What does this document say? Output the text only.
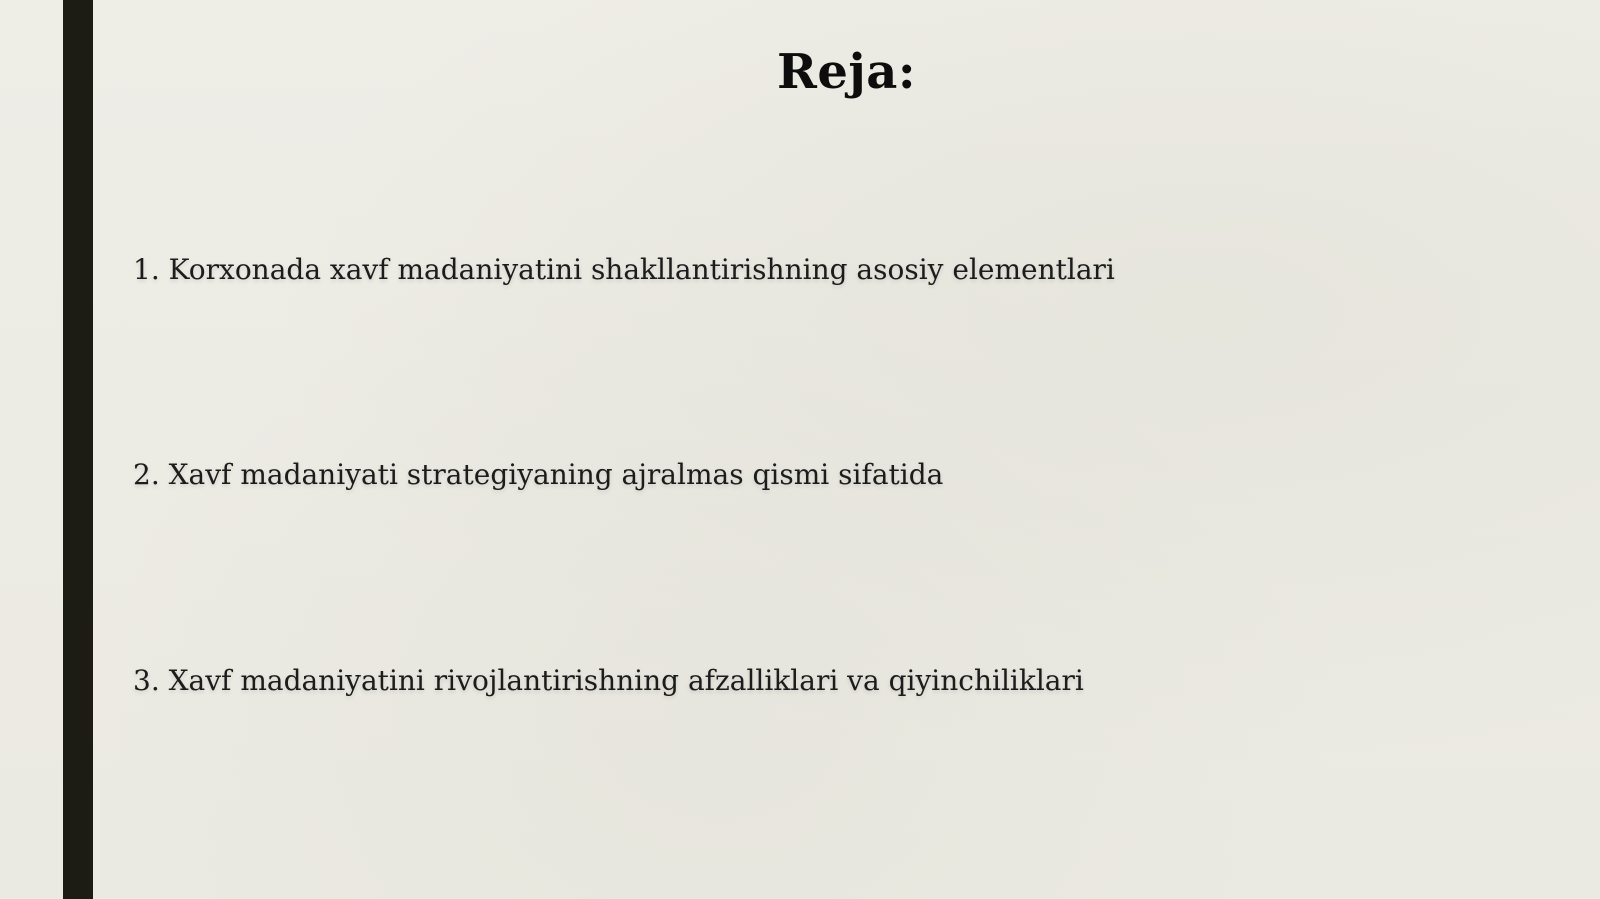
Reja:
1. Korxonada xavf madaniyatini shakllantirishning asosiy elementlari
2. Xavf madaniyati strategiyaning ajralmas qismi sifatida
3. Xavf madaniyatini rivojlantirishning afzalliklari va qiyinchiliklari
